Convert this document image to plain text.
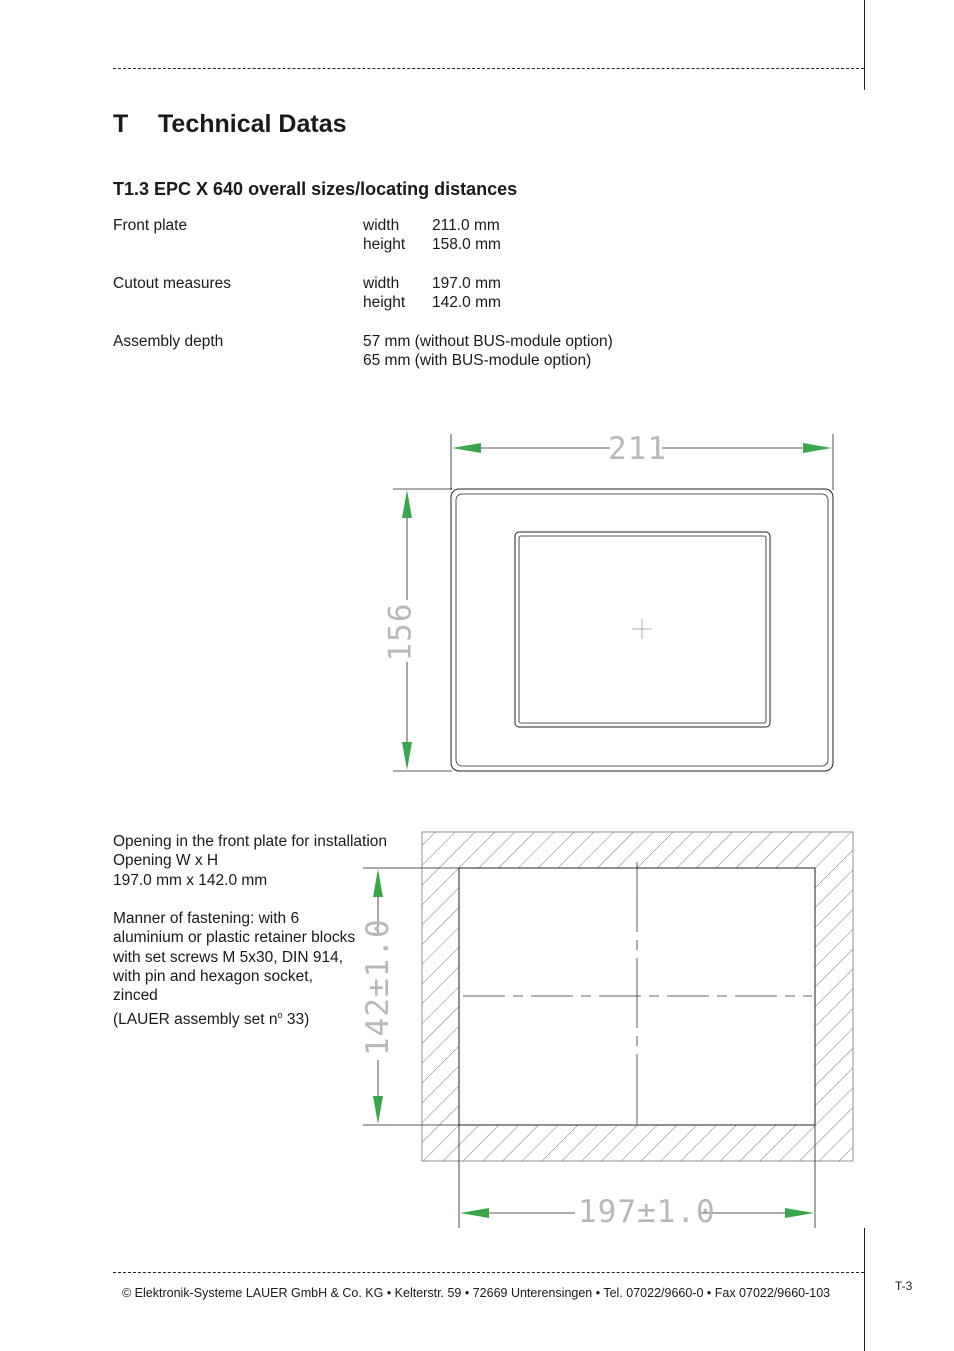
T Technical Datas
T1.3 EPC X 640 overall sizes/locating distances
Front plate	width 211.0 mm
height 158.0 mm
Cutout measures	width 197.0 mm
height 142.0 mm
Assembly depth	57 mm (without BUS-module option)
65 mm (with BUS-module option)
211
156
142±1.0
197±1.0

Opening in the front plate for installation

Opening W x H

197.0 mm x 142.0 mm

Manner of fastening: with 6

aluminium or plastic retainer blocks

with set screws M 5x30, DIN 914,

with pin and hexagon socket,

zinced

(LAUER assembly set $n^o$ 33)

© Elektronik-Systeme LAUER GmbH & Co. KG • Kelterstr. 59 • 72669 Unterensingen • Tel. 07022/9660-0 • Fax 07022/9660-103	T-3
